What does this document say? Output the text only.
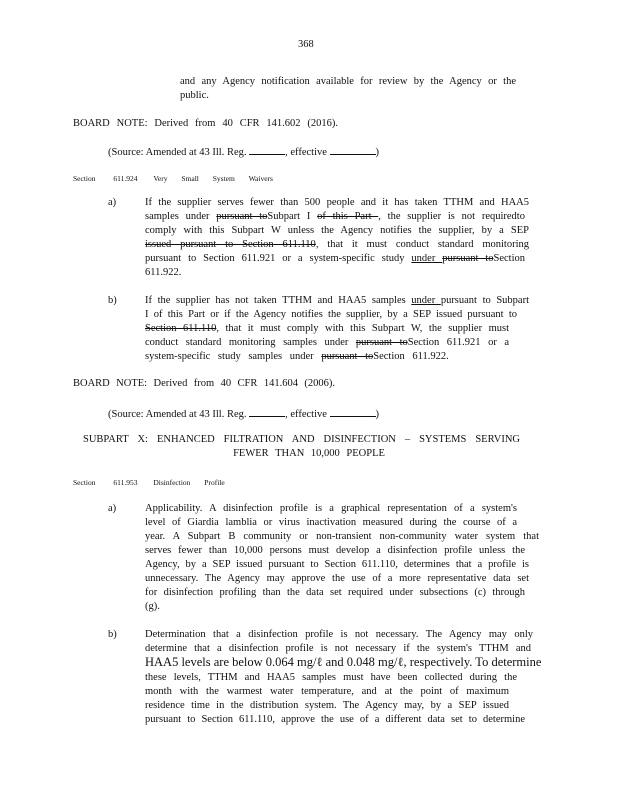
368
and any Agency notification available for review by the Agency or the
public.
BOARD NOTE: Derived from 40 CFR 141.602 (2016).
(Source: Amended at 43 Ill. Reg.	, effective	)
Section 611.924 Very Small System Waivers
a)	If the supplier serves fewer than 500 people and it has taken TTHM and HAA5
samples under pursuant toSubpart I of this Part , the supplier is not requiredto
comply with this Subpart W unless the Agency notifies the supplier, by a SEP
issued pursuant to Section 611.110, that it must conduct standard monitoring
pursuant to Section 611.921 or a system-specific study under pursuant toSection
611.922.
b)	If the supplier has not taken TTHM and HAA5 samples under pursuant to Subpart
I of this Part or if the Agency notifies the supplier, by a SEP issued pursuant to
Section 611.110, that it must comply with this Subpart W, the supplier must
conduct standard monitoring samples under pursuant toSection 611.921 or a
system-specific study samples under pursuant toSection 611.922.
BOARD NOTE: Derived from 40 CFR 141.604 (2006).
(Source: Amended at 43 Ill. Reg.	, effective	)
SUBPART X: ENHANCED FILTRATION AND DISINFECTION – SYSTEMS SERVING
FEWER THAN 10,000 PEOPLE
Section 611.953 Disinfection Profile
a)	Applicability. A disinfection profile is a graphical representation of a system's
level of Giardia lamblia or virus inactivation measured during the course of a
year. A Subpart B community or non-transient non-community water system that
serves fewer than 10,000 persons must develop a disinfection profile unless the
Agency, by a SEP issued pursuant to Section 611.110, determines that a profile is
unnecessary. The Agency may approve the use of a more representative data set
for disinfection profiling than the data set required under subsections (c) through
(g).
b)	Determination that a disinfection profile is not necessary. The Agency may only
determine that a disinfection profile is not necessary if the system's TTHM and
HAA5 levels are below 0.064 mg/ℓ and 0.048 mg/ℓ, respectively. To determine
these levels, TTHM and HAA5 samples must have been collected during the
month with the warmest water temperature, and at the point of maximum
residence time in the distribution system. The Agency may, by a SEP issued
pursuant to Section 611.110, approve the use of a different data set to determine
